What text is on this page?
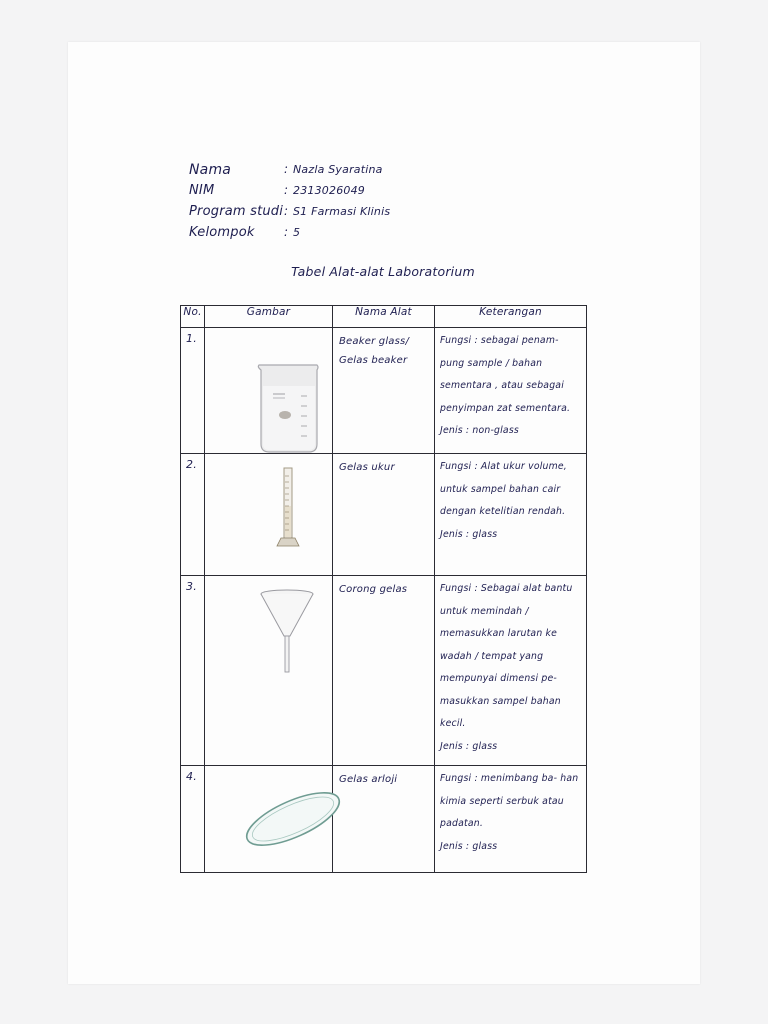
Nama	: Nazla Syaratina
NIM	: 2313026049
Program studi : S1 Farmasi Klinis
Kelompok : 5
Tabel Alat-alat Laboratorium
No.	Gambar	Nama Alat	Keterangan
1.		Beaker glass/ Gelas beaker	Fungsi : sebagai penam- pung sample / bahan sementara , atau sebagai penyimpan zat sementara.
Jenis : non-glass

2.		Gelas ukur	Fungsi : Alat ukur volume, untuk sampel bahan cair dengan ketelitian rendah.
Jenis : glass

3.		Corong gelas	Fungsi : Sebagai alat bantu untuk memindah / memasukkan larutan ke wadah / tempat yang mempunyai dimensi pe- masukkan sampel bahan kecil.
Jenis : glass

4.		Gelas arloji	Fungsi : menimbang ba- han kimia seperti serbuk atau padatan.
Jenis : glass
